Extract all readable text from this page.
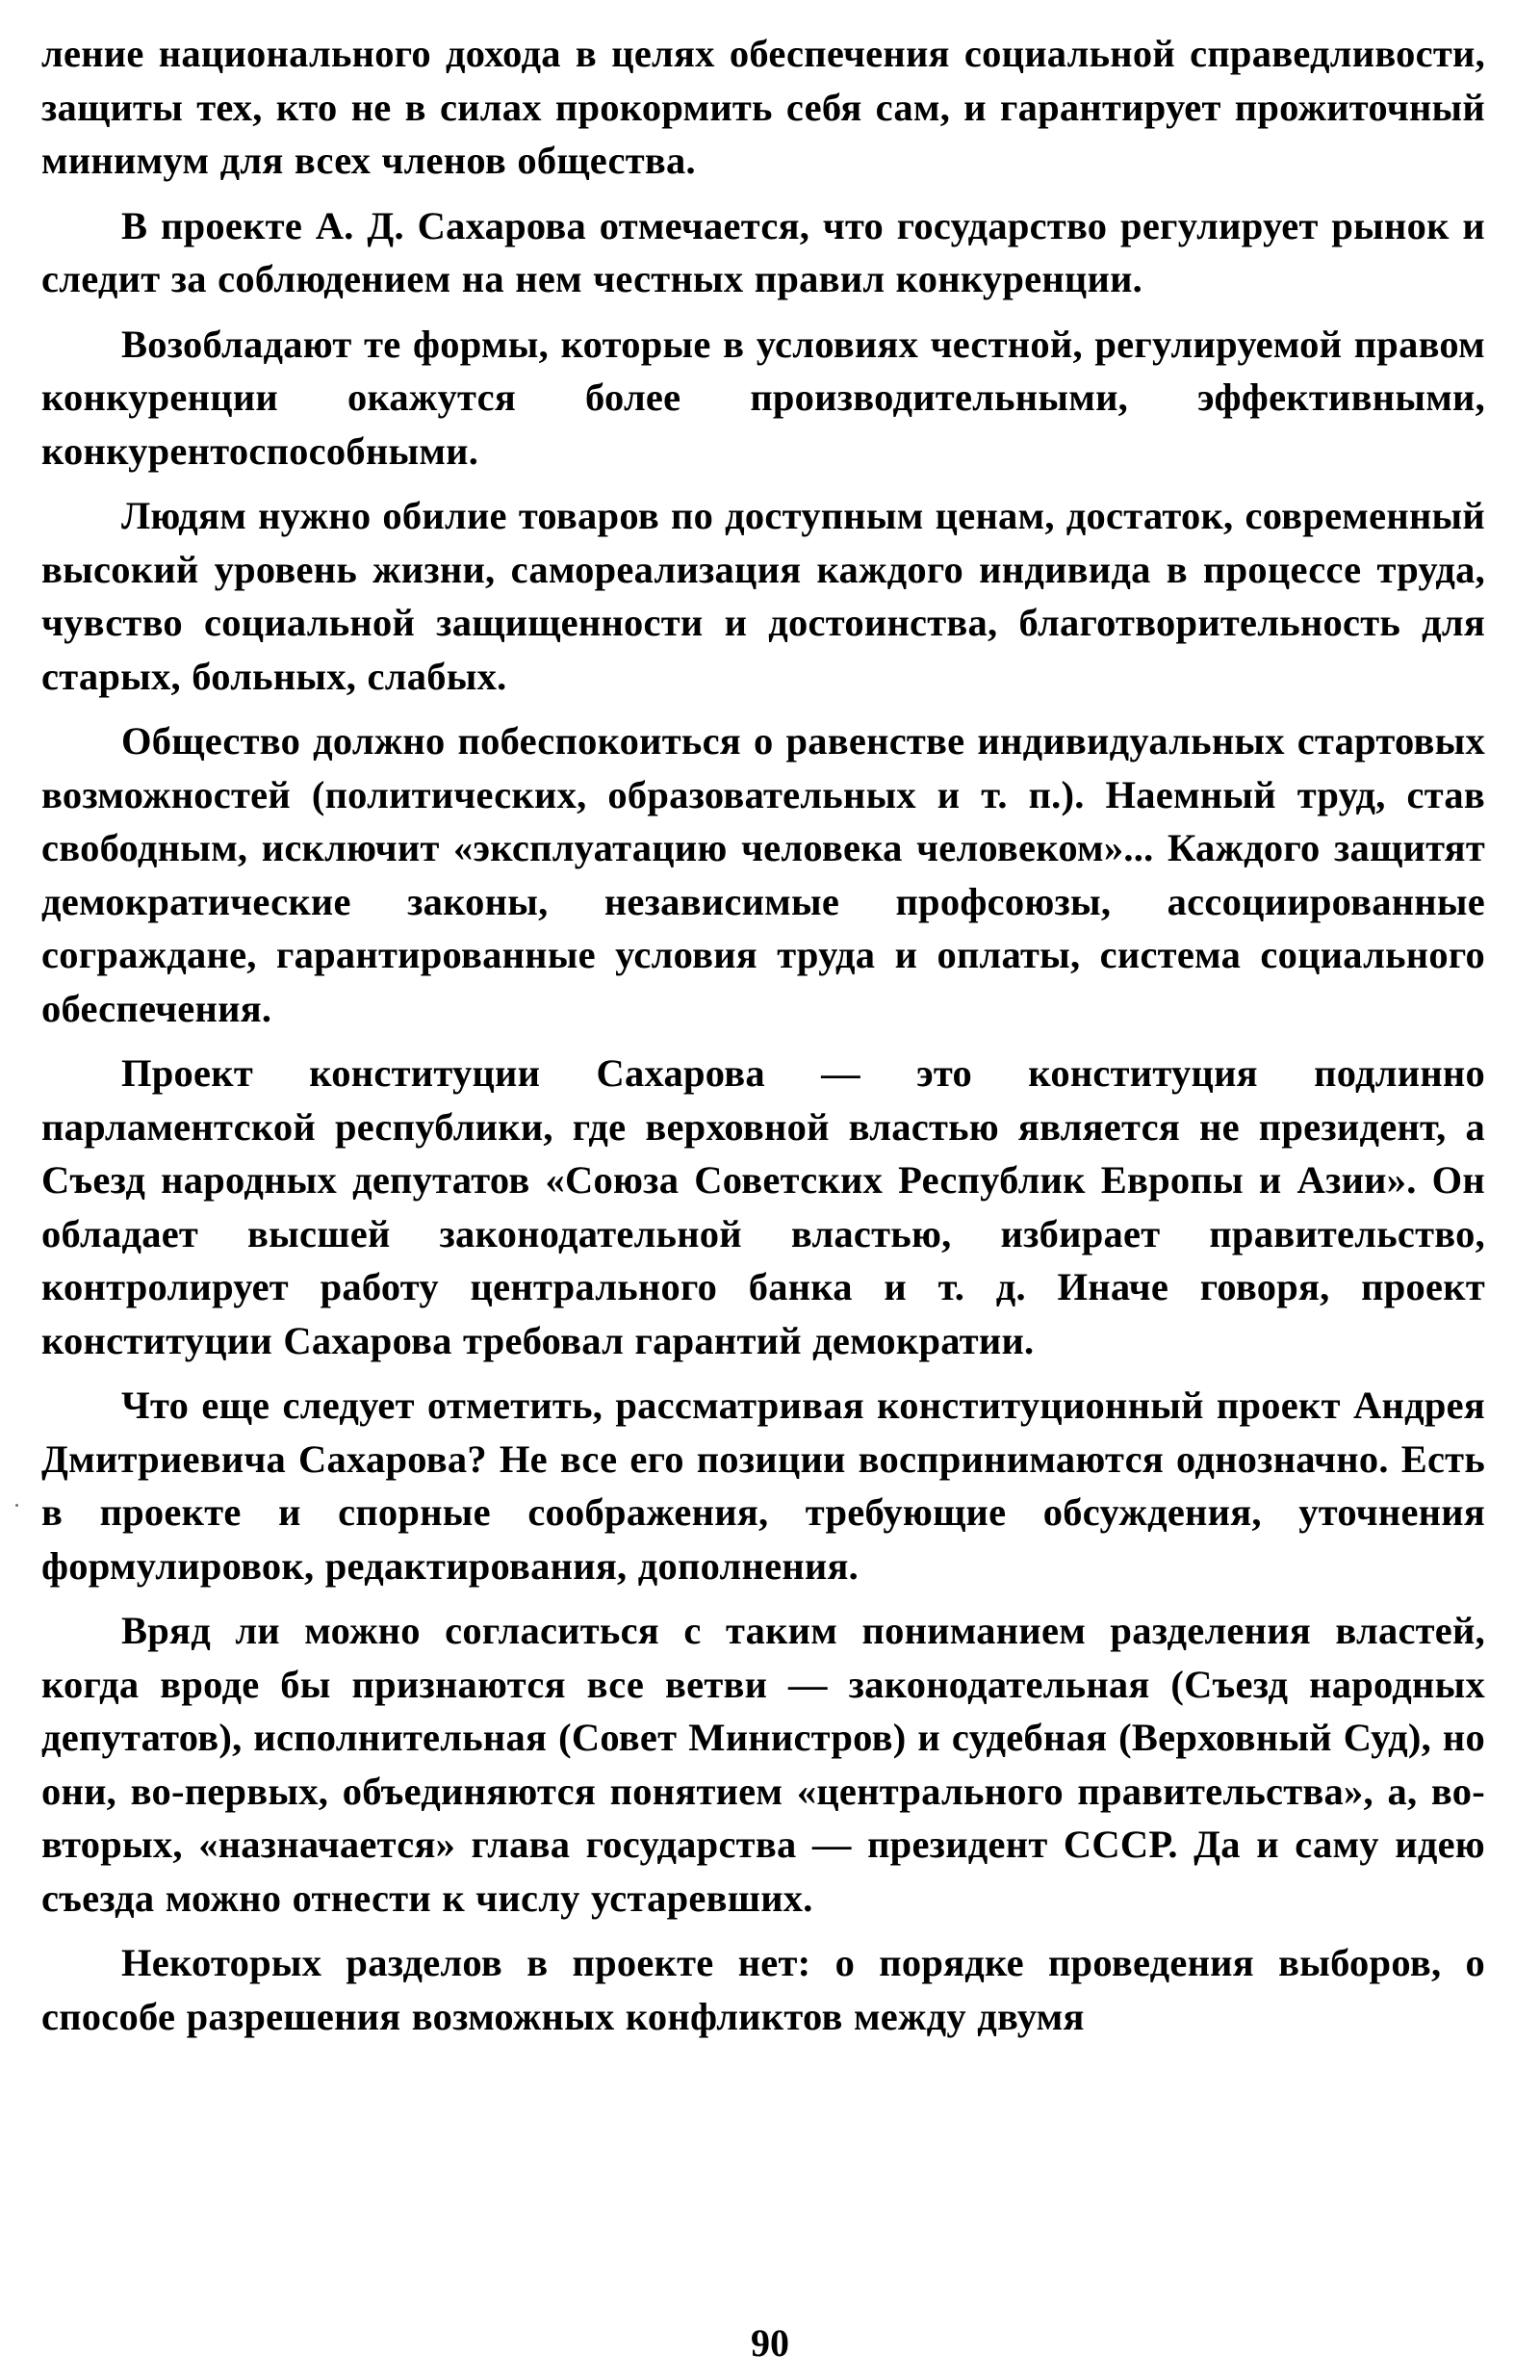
ление национального дохода в целях обеспечения социальной справедливости, защиты тех, кто не в силах прокормить себя сам, и гарантирует прожиточный минимум для всех членов общества.

В проекте А. Д. Сахарова отмечается, что государство регулирует рынок и следит за соблюдением на нем честных правил конкуренции.

Возобладают те формы, которые в условиях честной, регулируемой правом конкуренции окажутся более производительными, эффективными, конкурентоспособными.

Людям нужно обилие товаров по доступным ценам, достаток, современный высокий уровень жизни, самореализация каждого индивида в процессе труда, чувство социальной защищенности и достоинства, благотворительность для старых, больных, слабых.

Общество должно побеспокоиться о равенстве индивидуальных стартовых возможностей (политических, образовательных и т. п.). Наемный труд, став свободным, исключит «эксплуатацию человека человеком»... Каждого защитят демократические законы, независимые профсоюзы, ассоциированные сограждане, гарантированные условия труда и оплаты, система социального обеспечения.

Проект конституции Сахарова — это конституция подлинно парламентской республики, где верховной властью является не президент, а Съезд народных депутатов «Союза Советских Республик Европы и Азии». Он обладает высшей законодательной властью, избирает правительство, контролирует работу центрального банка и т. д. Иначе говоря, проект конституции Сахарова требовал гарантий демократии.

Что еще следует отметить, рассматривая конституционный проект Андрея Дмитриевича Сахарова? Не все его позиции воспринимаются однозначно. Есть в проекте и спорные соображения, требующие обсуждения, уточнения формулировок, редактирования, дополнения.

Вряд ли можно согласиться с таким пониманием разделения властей, когда вроде бы признаются все ветви — законодательная (Съезд народных депутатов), исполнительная (Совет Министров) и судебная (Верховный Суд), но они, во-первых, объединяются понятием «центрального правительства», а, во-вторых, «назначается» глава государства — президент СССР. Да и саму идею съезда можно отнести к числу устаревших.

Некоторых разделов в проекте нет: о порядке проведения выборов, о способе разрешения возможных конфликтов между двумя

90
